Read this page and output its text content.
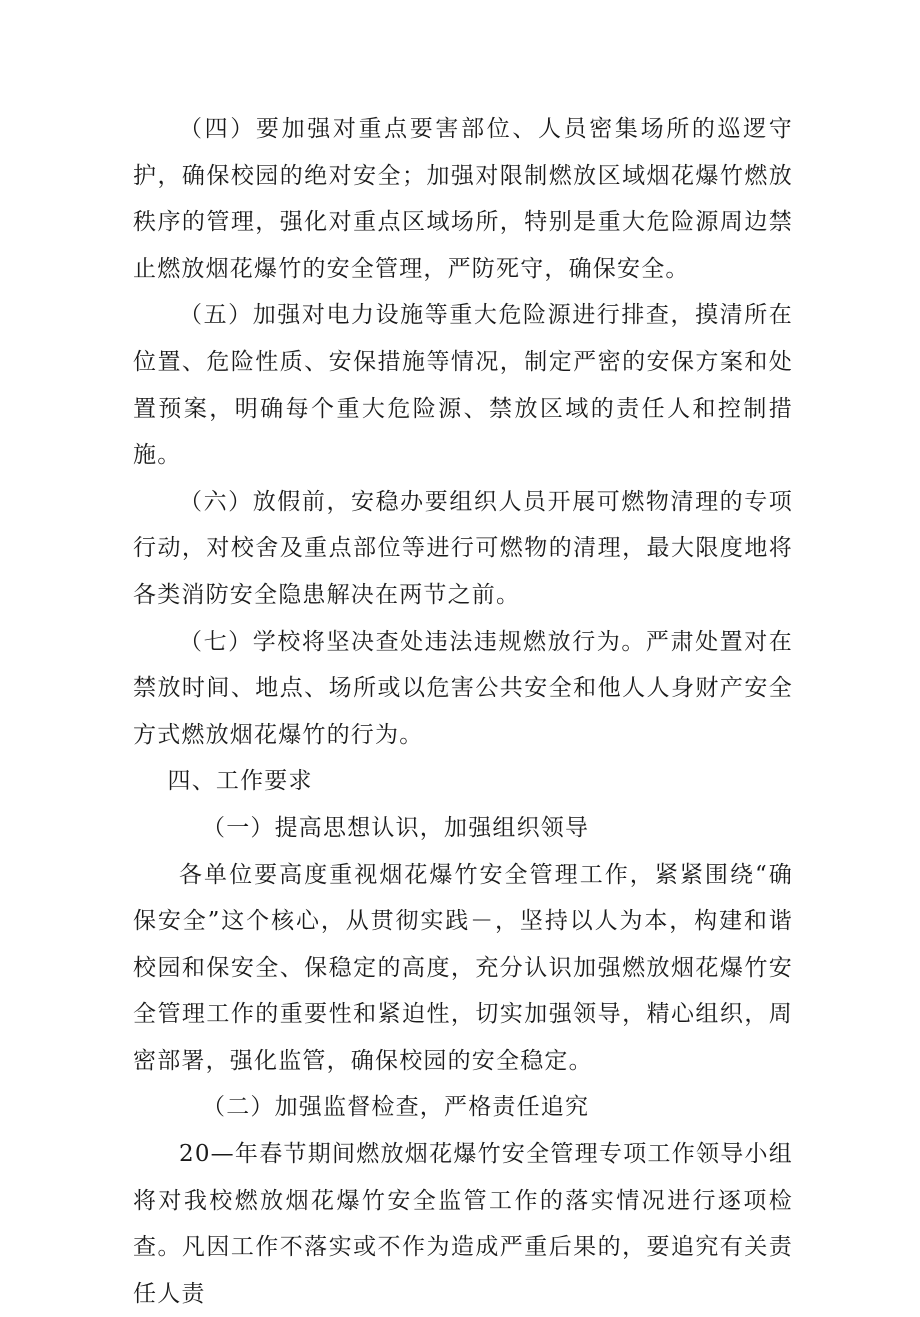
（四）要加强对重点要害部位、人员密集场所的巡逻守护，确保校园的绝对安全；加强对限制燃放区域烟花爆竹燃放秩序的管理，强化对重点区域场所，特别是重大危险源周边禁止燃放烟花爆竹的安全管理，严防死守，确保安全。

（五）加强对电力设施等重大危险源进行排查，摸清所在位置、危险性质、安保措施等情况，制定严密的安保方案和处置预案，明确每个重大危险源、禁放区域的责任人和控制措施。

（六）放假前，安稳办要组织人员开展可燃物清理的专项行动，对校舍及重点部位等进行可燃物的清理，最大限度地将各类消防安全隐患解决在两节之前。

（七）学校将坚决查处违法违规燃放行为。严肃处置对在禁放时间、地点、场所或以危害公共安全和他人人身财产安全方式燃放烟花爆竹的行为。

四、工作要求

（一）提高思想认识，加强组织领导

各单位要高度重视烟花爆竹安全管理工作，紧紧围绕“确保安全”这个核心，从贯彻实践－，坚持以人为本，构建和谐校园和保安全、保稳定的高度，充分认识加强燃放烟花爆竹安全管理工作的重要性和紧迫性，切实加强领导，精心组织，周密部署，强化监管，确保校园的安全稳定。

（二）加强监督检查，严格责任追究

20—年春节期间燃放烟花爆竹安全管理专项工作领导小组将对我校燃放烟花爆竹安全监管工作的落实情况进行逐项检查。凡因工作不落实或不作为造成严重后果的，要追究有关责任人责
